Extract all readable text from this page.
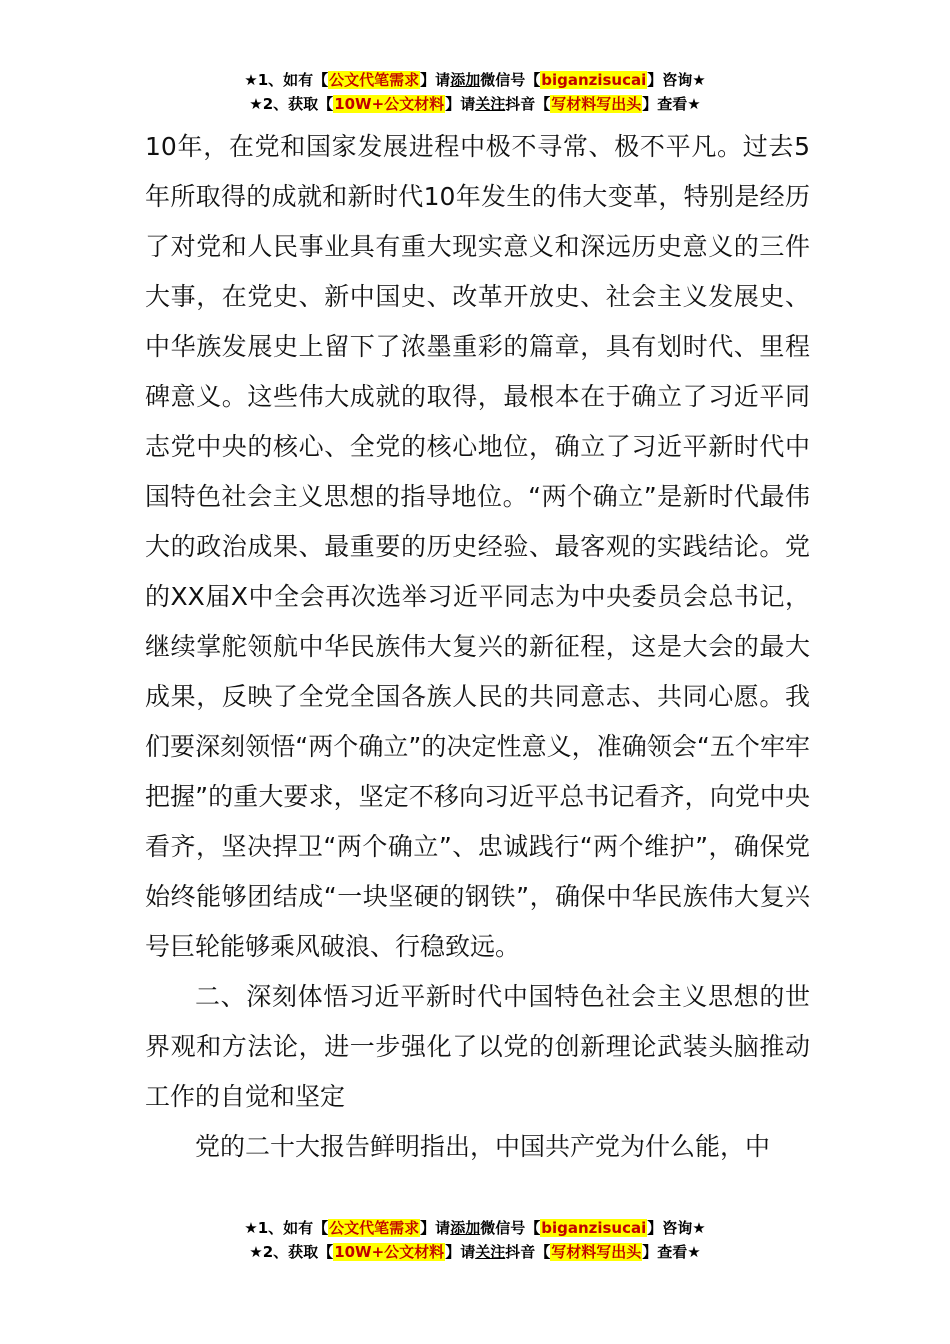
★1、如有【公文代笔需求】请添加微信号【biganzisucai】咨询★
★2、获取【10W+公文材料】请关注抖音【写材料写出头】查看★

10年，在党和国家发展进程中极不寻常、极不平凡。过去5年所取得的成就和新时代10年发生的伟大变革，特别是经历了对党和人民事业具有重大现实意义和深远历史意义的三件大事，在党史、新中国史、改革开放史、社会主义发展史、中华族发展史上留下了浓墨重彩的篇章，具有划时代、里程碑意义。这些伟大成就的取得，最根本在于确立了习近平同志党中央的核心、全党的核心地位，确立了习近平新时代中国特色社会主义思想的指导地位。“两个确立”是新时代最伟大的政治成果、最重要的历史经验、最客观的实践结论。党的XX届X中全会再次选举习近平同志为中央委员会总书记，继续掌舵领航中华民族伟大复兴的新征程，这是大会的最大成果，反映了全党全国各族人民的共同意志、共同心愿。我们要深刻领悟“两个确立”的决定性意义，准确领会“五个牢牢把握”的重大要求，坚定不移向习近平总书记看齐，向党中央看齐，坚决捍卫“两个确立”、忠诚践行“两个维护”，确保党始终能够团结成“一块坚硬的钢铁”，确保中华民族伟大复兴号巨轮能够乘风破浪、行稳致远。

二、深刻体悟习近平新时代中国特色社会主义思想的世界观和方法论，进一步强化了以党的创新理论武装头脑推动工作的自觉和坚定

党的二十大报告鲜明指出，中国共产党为什么能，中

★1、如有【公文代笔需求】请添加微信号【biganzisucai】咨询★
★2、获取【10W+公文材料】请关注抖音【写材料写出头】查看★
